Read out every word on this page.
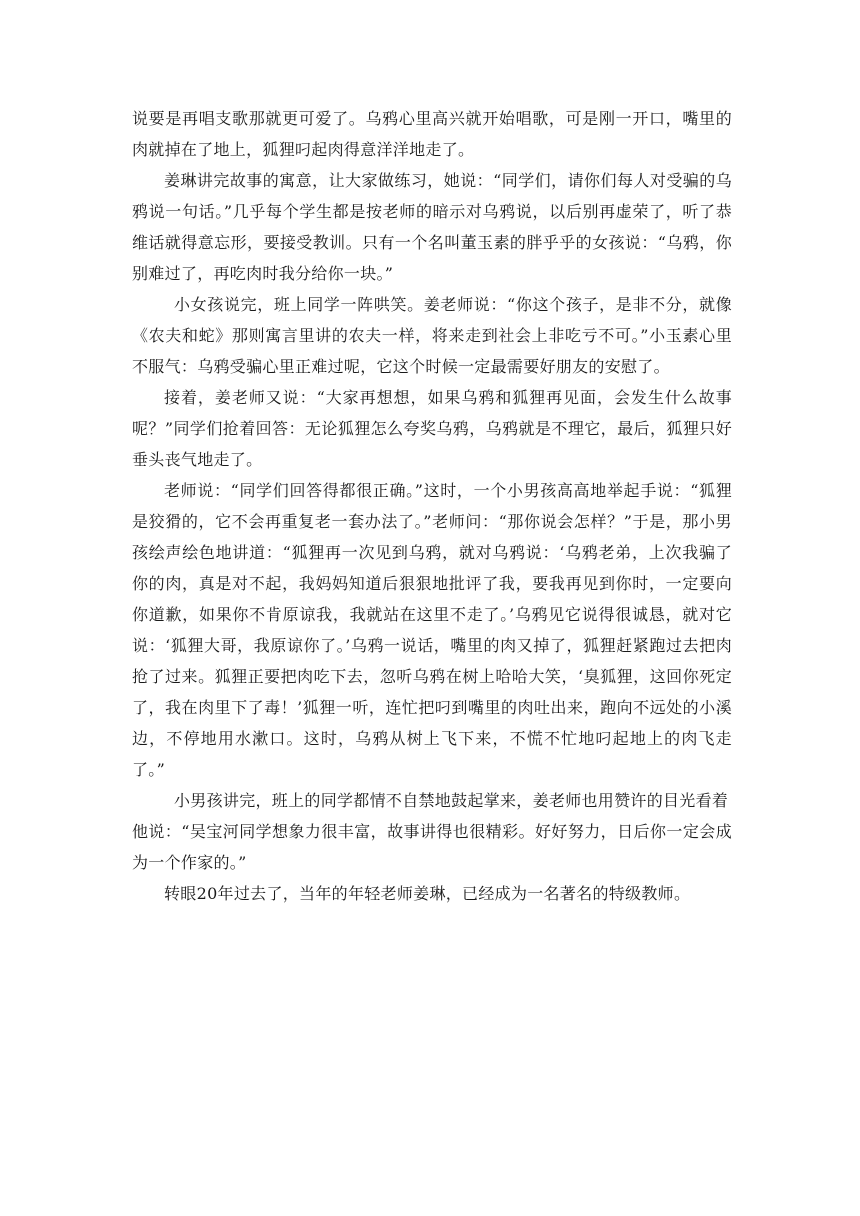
说要是再唱支歌那就更可爱了。乌鸦心里高兴就开始唱歌，可是刚一开口，嘴里的肉就掉在了地上，狐狸叼起肉得意洋洋地走了。

姜琳讲完故事的寓意，让大家做练习，她说：“同学们，请你们每人对受骗的乌鸦说一句话。”几乎每个学生都是按老师的暗示对乌鸦说，以后别再虚荣了，听了恭维话就得意忘形，要接受教训。只有一个名叫董玉素的胖乎乎的女孩说：“乌鸦，你别难过了，再吃肉时我分给你一块。”

小女孩说完，班上同学一阵哄笑。姜老师说：“你这个孩子，是非不分，就像《农夫和蛇》那则寓言里讲的农夫一样，将来走到社会上非吃亏不可。”小玉素心里不服气：乌鸦受骗心里正难过呢，它这个时候一定最需要好朋友的安慰了。

接着，姜老师又说：“大家再想想，如果乌鸦和狐狸再见面，会发生什么故事呢？”同学们抢着回答：无论狐狸怎么夸奖乌鸦，乌鸦就是不理它，最后，狐狸只好垂头丧气地走了。

老师说：“同学们回答得都很正确。”这时，一个小男孩高高地举起手说：“狐狸是狡猾的，它不会再重复老一套办法了。”老师问：“那你说会怎样？”于是，那小男孩绘声绘色地讲道：“狐狸再一次见到乌鸦，就对乌鸦说：‘乌鸦老弟，上次我骗了你的肉，真是对不起，我妈妈知道后狠狠地批评了我，要我再见到你时，一定要向你道歉，如果你不肯原谅我，我就站在这里不走了。’乌鸦见它说得很诚恳，就对它说：‘狐狸大哥，我原谅你了。’乌鸦一说话，嘴里的肉又掉了，狐狸赶紧跑过去把肉抢了过来。狐狸正要把肉吃下去，忽听乌鸦在树上哈哈大笑，‘臭狐狸，这回你死定了，我在肉里下了毒！’狐狸一听，连忙把叼到嘴里的肉吐出来，跑向不远处的小溪边，不停地用水漱口。这时，乌鸦从树上飞下来，不慌不忙地叼起地上的肉飞走了。”

小男孩讲完，班上的同学都情不自禁地鼓起掌来，姜老师也用赞许的目光看着

他说：“吴宝河同学想象力很丰富，故事讲得也很精彩。好好努力，日后你一定会成为一个作家的。”

转眼20年过去了，当年的年轻老师姜琳，已经成为一名著名的特级教师。
